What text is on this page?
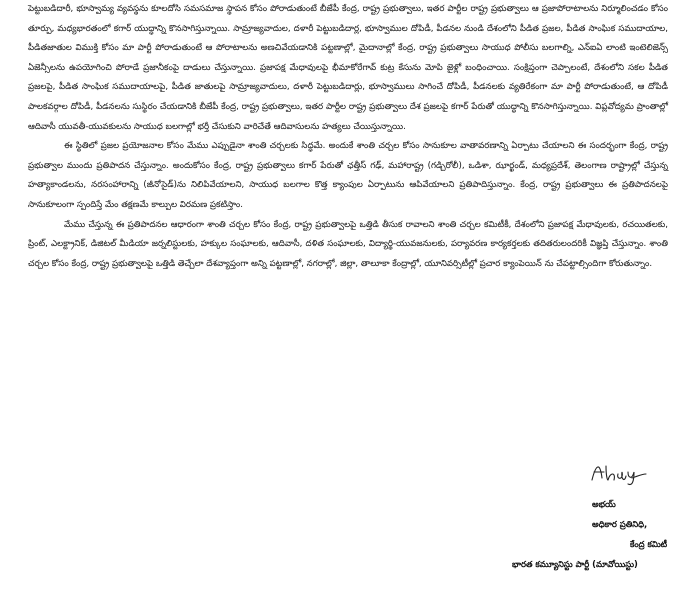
పెట్టుబడిదారీ, భూస్వామ్య వ్యవస్థను కూలదోసి సమసమాజ స్థాపన కోసం పోరాడుతుంటే బీజేపీ కేంద్ర, రాష్ట్ర ప్రభుత్వాలు, ఇతర పార్టీల రాష్ట్ర ప్రభుత్వాలు ఆ ప్రజాపోరాటాలను నిర్మూలించడం కోసం తూర్పు, మధ్యభారతంలో కగార్ యుద్ధాన్ని కొనసాగిస్తున్నాయి. సామ్రాజ్యవాదుల, దళారీ పెట్టుబడిదార్ల, భూస్వాముల దోపిడీ, పీడనల నుండి దేశంలోని పీడిత ప్రజల, పీడిత సాంఘిక సముదాయాల, పీడితజాతుల విముక్తి కోసం మా పార్టీ పోరాడుతుంటే ఆ పోరాటాలను అణచివేయడానికి పట్టణాల్లో, మైదానాల్లో కేంద్ర, రాష్ట్ర ప్రభుత్వాలు సాయుధ పోలీసు బలగాల్ని, ఎన్ఐఏ లాంటి ఇంటెలిజెన్స్ ఏజెన్సీలను ఉపయోగించి పోరాడే ప్రజానీకంపై దాడులు చేస్తున్నాయి. ప్రజాపక్ష మేధావులపై భీమాకోరేగావ్ కుట్ర కేసును మోపి జైళ్లో బంధించాయి. సంక్షిప్తంగా చెప్పాలంటే, దేశంలోని సకల పీడిత ప్రజలపై, పీడిత సాంఘిక సముదాయాలపై, పీడిత జాతులపై సామ్రాజ్యవాదులు, దళారీ పెట్టుబడిదార్లు, భూస్వాములు సాగించే దోపిడీ, పీడనలకు వ్యతిరేకంగా మా పార్టీ పోరాడుతుంటే, ఆ దోపిడీ పాలకవర్గాల దోపిడీ, పీడనలను సుస్థిరం చేయడానికి బీజేపీ కేంద్ర, రాష్ట్ర ప్రభుత్వాలు, ఇతర పార్టీల రాష్ట్ర ప్రభుత్వాలు దేశ ప్రజలపై కగార్ పేరుతో యుద్ధాన్ని కొనసాగిస్తున్నాయి. విప్లవోద్యమ ప్రాంతాల్లో ఆదివాసీ యువతీ-యువకులను సాయుధ బలగాల్లో భర్తీ చేసుకుని వారిచేతే ఆదివాసులను హత్యలు చేయిస్తున్నాయి.

ఈ స్థితిలో ప్రజల ప్రయోజనాల కోసం మేము ఎప్పుడైనా శాంతి చర్చలకు సిద్ధమే. అందుకే శాంతి చర్చల కోసం సానుకూల వాతావరణాన్ని ఏర్పాటు చేయాలని ఈ సందర్భంగా కేంద్ర, రాష్ట్ర ప్రభుత్వాల ముందు ప్రతిపాదన చేస్తున్నాం. అందుకోసం కేంద్ర, రాష్ట్ర ప్రభుత్వాలు కగార్ పేరుతో ఛత్తీస్ గఢ్, మహారాష్ట్ర (గడ్చిరోలీ), ఒడిశా, ఝార్ఖండ్, మధ్యప్రదేశ్, తెలంగాణ రాష్ట్రాల్లో చేస్తున్న హత్యాకాండలను, నరసంహారాన్ని (జీనోసైడ్)ను నిలిపివేయాలని, సాయుధ బలగాల కొత్త క్యాంపుల ఏర్పాటును ఆపివేయాలని ప్రతిపాదిస్తున్నాం. కేంద్ర, రాష్ట్ర ప్రభుత్వాలు ఈ ప్రతిపాదనలపై సానుకూలంగా స్పందిస్తే మేం తక్షణమే కాల్పుల విరమణ ప్రకటిస్తాం.

మేము చేస్తున్న ఈ ప్రతిపాదనల ఆధారంగా శాంతి చర్చల కోసం కేంద్ర, రాష్ట్ర ప్రభుత్వాలపై ఒత్తిడి తీసుక రావాలని శాంతి చర్చల కమిటీకీ, దేశంలోని ప్రజాపక్ష మేధావులకు, రచయితలకు, ప్రింట్, ఎలక్ట్రానిక్, డిజిటల్ మీడియా జర్నలిస్టులకు, హక్కుల సంఘాలకు, ఆదివాసీ, దళిత సంఘాలకు, విద్యార్థి-యువజనులకు, పర్యావరణ కార్యకర్తలకు తదితరులందరికీ విజ్ఞప్తి చేస్తున్నాం. శాంతి చర్చల కోసం కేంద్ర, రాష్ట్ర ప్రభుత్వాలపై ఒత్తిడి తెచ్చేలా దేశవ్యాప్తంగా అన్ని పట్టణాల్లో, నగరాల్లో, జిల్లా, తాలూకా కేంద్రాల్లో, యూనివర్సిటీల్లో ప్రచార క్యాంపెయిన్ ను చేపట్టాల్సిందిగా కోరుతున్నాం.

అభయ్
అధికార ప్రతినిధి,
కేంద్ర కమిటీ
భారత కమ్యూనిస్టు పార్టీ (మావోయిస్టు)
